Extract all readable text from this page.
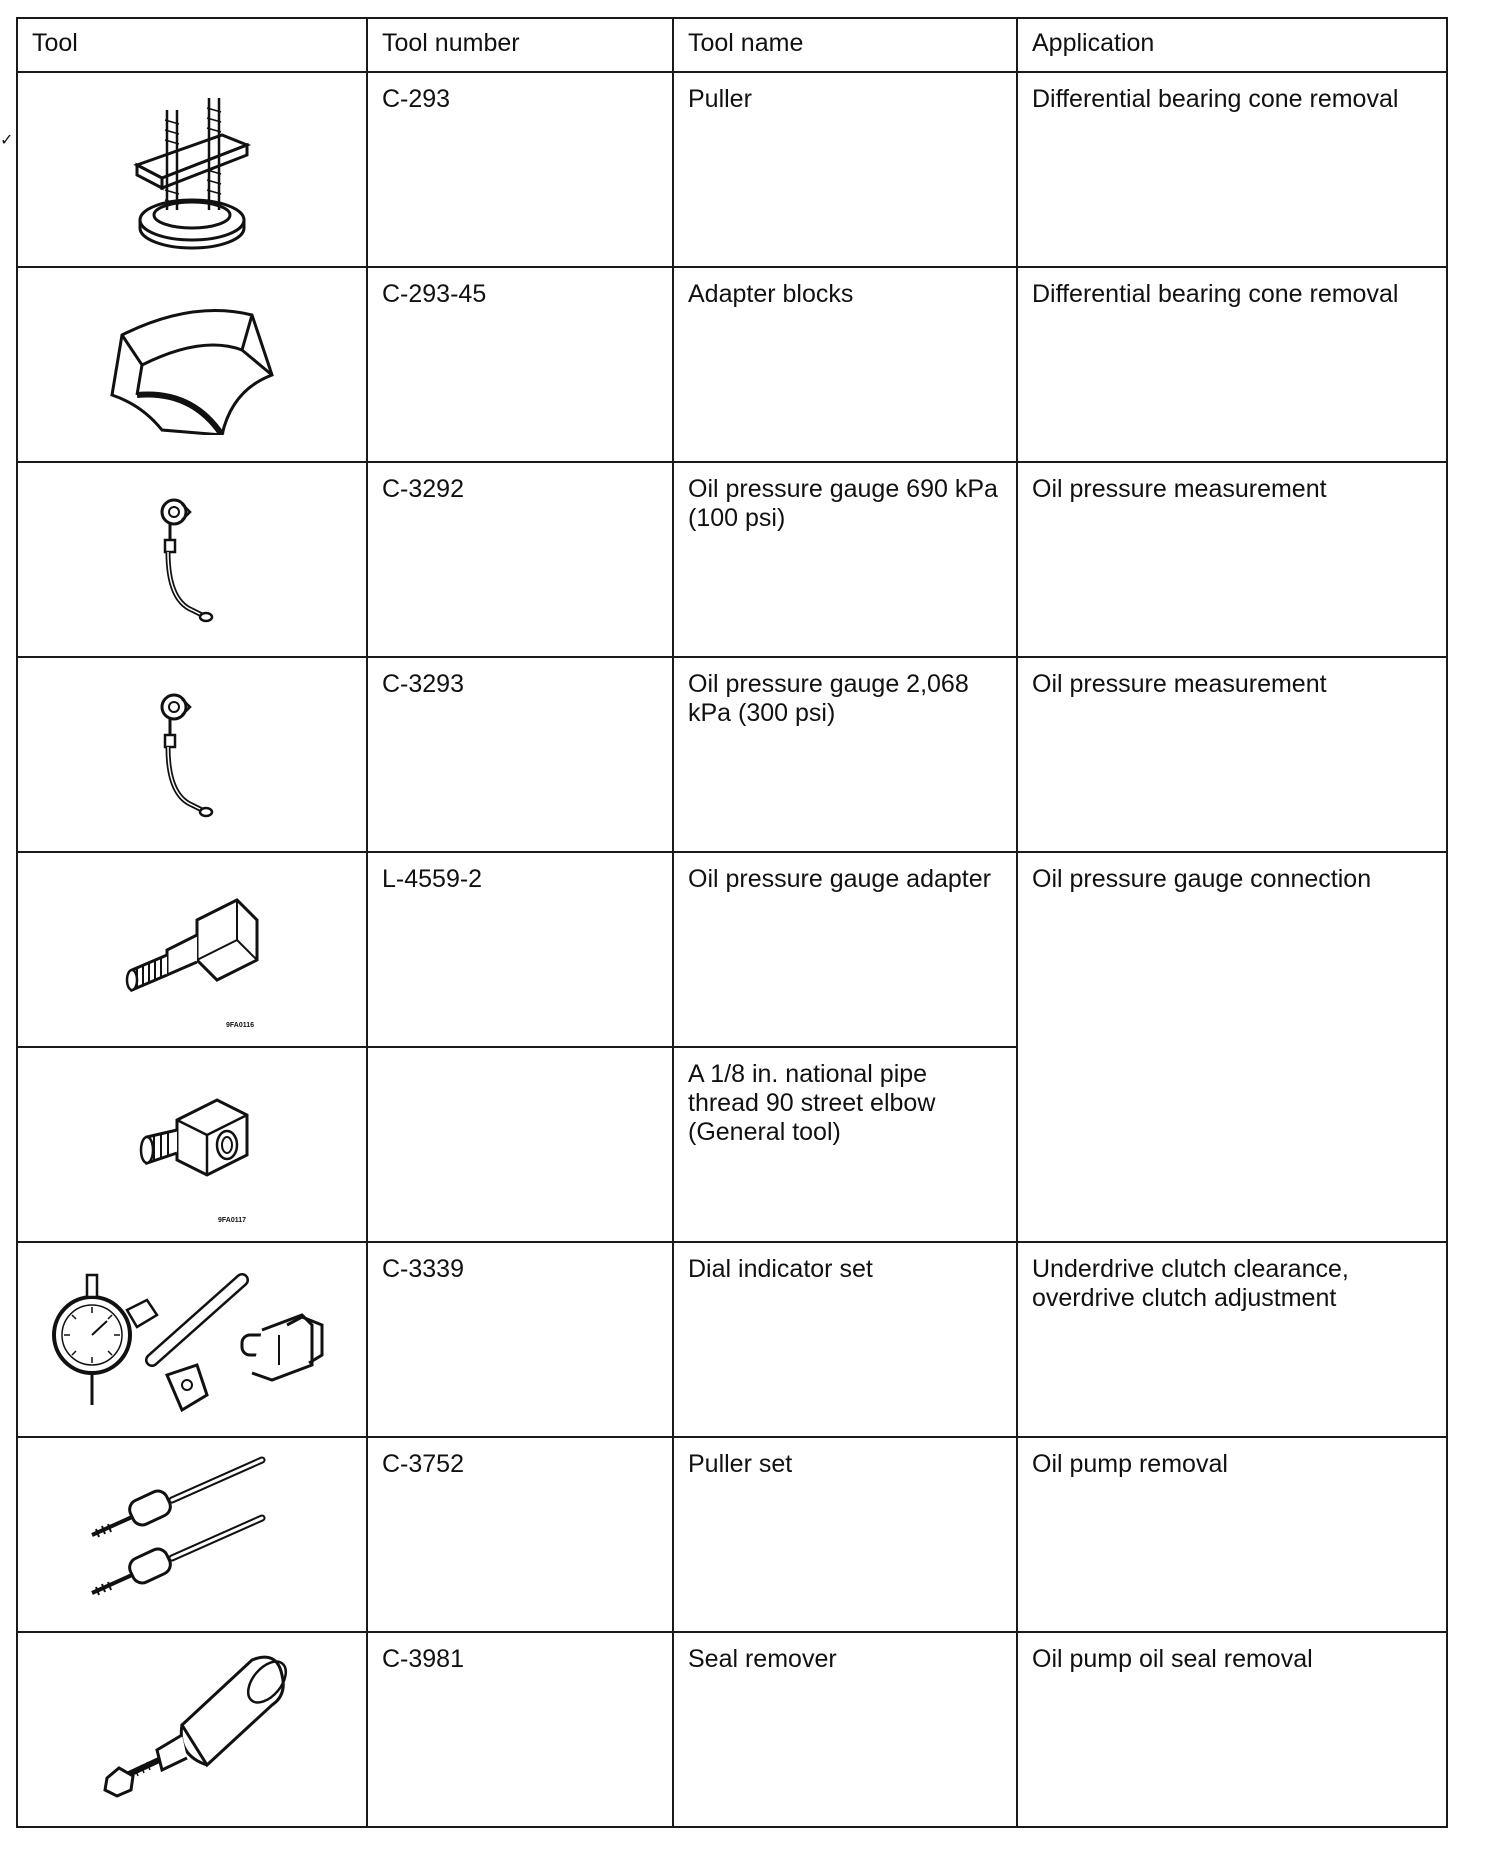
✓
Tool	Tool number	Tool name	Application

	C-293	Puller	Differential bearing cone removal

	C-293-45	Adapter blocks	Differential bearing cone removal

	C-3292	Oil pressure gauge 690 kPa (100 psi)	Oil pressure measurement

	C-3293	Oil pressure gauge 2,068 kPa (300 psi)	Oil pressure measurement

9FA0116	L-4559-2	Oil pressure gauge adapter	Oil pressure gauge connection

9FA0117		A 1/8 in. national pipe thread 90 street elbow (General tool)	

	C-3339	Dial indicator set	Underdrive clutch clearance, overdrive clutch adjustment

	C-3752	Puller set	Oil pump removal

	C-3981	Seal remover	Oil pump oil seal removal
